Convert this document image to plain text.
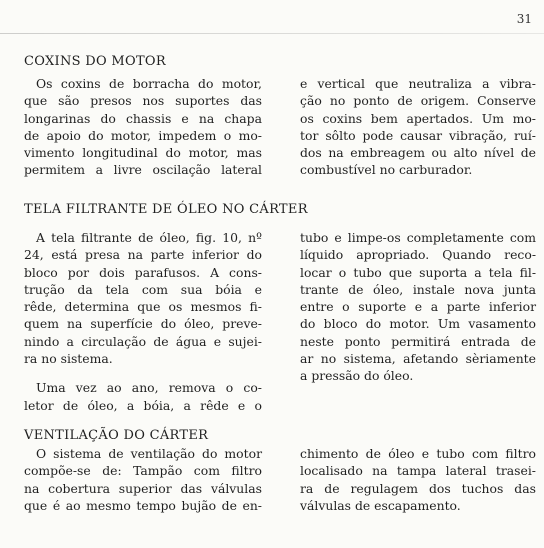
31
COXINS DO MOTOR
Os coxins de borracha do motor,
que são presos nos suportes das
longarinas do chassis e na chapa
de apoio do motor, impedem o mo-
vimento longitudinal do motor, mas
permitem a livre oscilação lateral
e vertical que neutraliza a vibra-
ção no ponto de origem. Conserve
os coxins bem apertados. Um mo-
tor sôlto pode causar vibração, ruí-
dos na embreagem ou alto nível de
combustível no carburador.
TELA FILTRANTE DE ÓLEO NO CÁRTER
A tela filtrante de óleo, fig. 10, nº
24, está presa na parte inferior do
bloco por dois parafusos. A cons-
trução da tela com sua bóia e
rêde, determina que os mesmos fi-
quem na superfície do óleo, preve-
nindo a circulação de água e sujei-
ra no sistema.
Uma vez ao ano, remova o co-
letor de óleo, a bóia, a rêde e o
tubo e limpe-os completamente com
líquido apropriado. Quando reco-
locar o tubo que suporta a tela fil-
trante de óleo, instale nova junta
entre o suporte e a parte inferior
do bloco do motor. Um vasamento
neste ponto permitirá entrada de
ar no sistema, afetando sèriamente
a pressão do óleo.
VENTILAÇÃO DO CÁRTER
O sistema de ventilação do motor
compõe-se de: Tampão com filtro
na cobertura superior das válvulas
que é ao mesmo tempo bujão de en-
chimento de óleo e tubo com filtro
localisado na tampa lateral trasei-
ra de regulagem dos tuchos das
válvulas de escapamento.
